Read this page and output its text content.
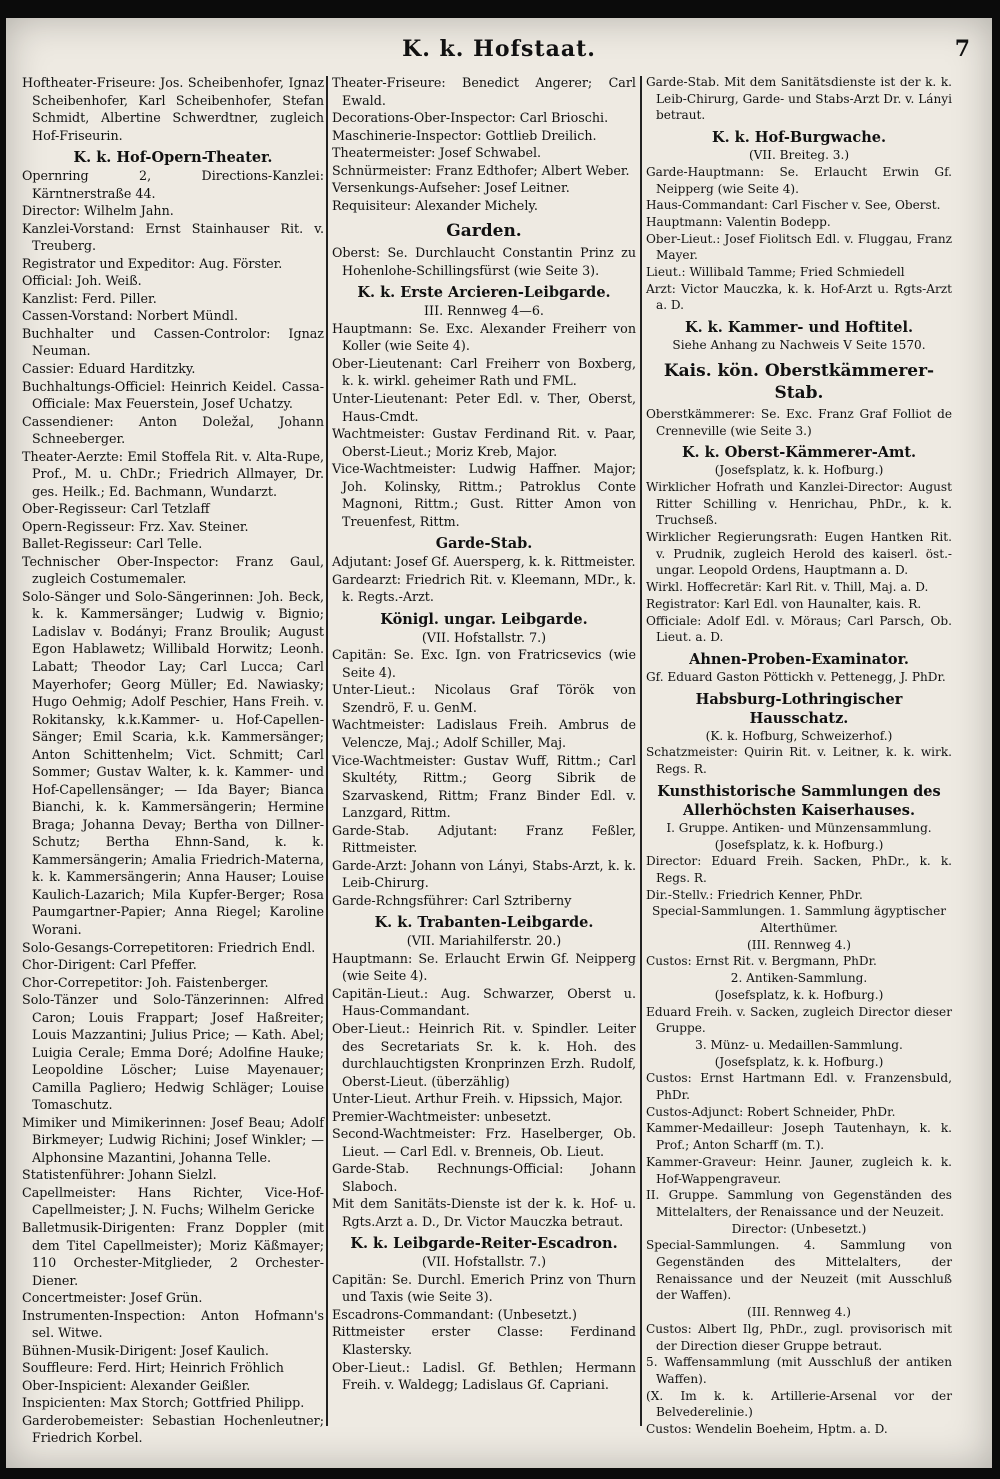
K. k. Hofstaat.	7
Hoftheater-Friseure: Jos. Scheibenhofer, Ignaz Scheibenhofer, Karl Scheibenhofer, Stefan Schmidt, Albertine Schwerdtner, zugleich Hof-Friseurin.
K. k. Hof-Opern-Theater.
Opernring 2, Directions-Kanzlei: Kärntnerstraße 44.
Director: Wilhelm Jahn.
Kanzlei-Vorstand: Ernst Stainhauser Rit. v. Treuberg.
Registrator und Expeditor: Aug. Förster.
Official: Joh. Weiß.
Kanzlist: Ferd. Piller.
Cassen-Vorstand: Norbert Mündl.
Buchhalter und Cassen-Controlor: Ignaz Neuman.
Cassier: Eduard Harditzky.
Buchhaltungs-Officiel: Heinrich Keidel. Cassa-Officiale: Max Feuerstein, Josef Uchatzy.
Cassendiener: Anton Doležal, Johann Schneeberger.
Theater-Aerzte: Emil Stoffela Rit. v. Alta-Rupe, Prof., M. u. ChDr.; Friedrich Allmayer, Dr. ges. Heilk.; Ed. Bachmann, Wundarzt.
Ober-Regisseur: Carl Tetzlaff
Opern-Regisseur: Frz. Xav. Steiner.
Ballet-Regisseur: Carl Telle.
Technischer Ober-Inspector: Franz Gaul, zugleich Costumemaler.
Solo-Sänger und Solo-Sängerinnen: Joh. Beck, k. k. Kammersänger; Ludwig v. Bignio; Ladislav v. Bodányi; Franz Broulik; August Egon Hablawetz; Willibald Horwitz; Leonh. Labatt; Theodor Lay; Carl Lucca; Carl Mayerhofer; Georg Müller; Ed. Nawiasky; Hugo Oehmig; Adolf Peschier, Hans Freih. v. Rokitansky, k.k.Kammer- u. Hof-Capellen-Sänger; Emil Scaria, k.k. Kammersänger; Anton Schittenhelm; Vict. Schmitt; Carl Sommer; Gustav Walter, k. k. Kammer- und Hof-Capellensänger; — Ida Bayer; Bianca Bianchi, k. k. Kammersängerin; Hermine Braga; Johanna Devay; Bertha von Dillner-Schutz; Bertha Ehnn-Sand, k. k. Kammersängerin; Amalia Friedrich-Materna, k. k. Kammersängerin; Anna Hauser; Louise Kaulich-Lazarich; Mila Kupfer-Berger; Rosa Paumgartner-Papier; Anna Riegel; Karoline Worani.
Solo-Gesangs-Correpetitoren: Friedrich Endl.
Chor-Dirigent: Carl Pfeffer.
Chor-Correpetitor: Joh. Faistenberger.
Solo-Tänzer und Solo-Tänzerinnen: Alfred Caron; Louis Frappart; Josef Haßreiter; Louis Mazzantini; Julius Price; — Kath. Abel; Luigia Cerale; Emma Doré; Adolfine Hauke; Leopoldine Löscher; Luise Mayenauer; Camilla Pagliero; Hedwig Schläger; Louise Tomaschutz.
Mimiker und Mimikerinnen: Josef Beau; Adolf Birkmeyer; Ludwig Richini; Josef Winkler; — Alphonsine Mazantini, Johanna Telle.
Statistenführer: Johann Sielzl.
Capellmeister: Hans Richter, Vice-Hof-Capellmeister; J. N. Fuchs; Wilhelm Gericke
Balletmusik-Dirigenten: Franz Doppler (mit dem Titel Capellmeister); Moriz Käßmayer; 110 Orchester-Mitglieder, 2 Orchester-Diener.
Concertmeister: Josef Grün.
Instrumenten-Inspection: Anton Hofmann's sel. Witwe.
Bühnen-Musik-Dirigent: Josef Kaulich.
Souffleure: Ferd. Hirt; Heinrich Fröhlich
Ober-Inspicient: Alexander Geißler.
Inspicienten: Max Storch; Gottfried Philipp.
Garderobemeister: Sebastian Hochenleutner; Friedrich Korbel.
Theater-Friseure: Benedict Angerer; Carl Ewald.
Decorations-Ober-Inspector: Carl Brioschi.
Maschinerie-Inspector: Gottlieb Dreilich.
Theatermeister: Josef Schwabel.
Schnürmeister: Franz Edthofer; Albert Weber.
Versenkungs-Aufseher: Josef Leitner.
Requisiteur: Alexander Michely.
Garden.
Oberst: Se. Durchlaucht Constantin Prinz zu Hohenlohe-Schillingsfürst (wie Seite 3).
K. k. Erste Arcieren-Leibgarde.
III. Rennweg 4—6.
Hauptmann: Se. Exc. Alexander Freiherr von Koller (wie Seite 4).
Ober-Lieutenant: Carl Freiherr von Boxberg, k. k. wirkl. geheimer Rath und FML.
Unter-Lieutenant: Peter Edl. v. Ther, Oberst, Haus-Cmdt.
Wachtmeister: Gustav Ferdinand Rit. v. Paar, Oberst-Lieut.; Moriz Kreb, Major.
Vice-Wachtmeister: Ludwig Haffner. Major; Joh. Kolinsky, Rittm.; Patroklus Conte Magnoni, Rittm.; Gust. Ritter Amon von Treuenfest, Rittm.
Garde-Stab.
Adjutant: Josef Gf. Auersperg, k. k. Rittmeister.
Gardearzt: Friedrich Rit. v. Kleemann, MDr., k. k. Regts.-Arzt.
Königl. ungar. Leibgarde.
(VII. Hofstallstr. 7.)
Capitän: Se. Exc. Ign. von Fratricsevics (wie Seite 4).
Unter-Lieut.: Nicolaus Graf Török von Szendrö, F. u. GenM.
Wachtmeister: Ladislaus Freih. Ambrus de Velencze, Maj.; Adolf Schiller, Maj.
Vice-Wachtmeister: Gustav Wuff, Rittm.; Carl Skultéty, Rittm.; Georg Sibrik de Szarvaskend, Rittm; Franz Binder Edl. v. Lanzgard, Rittm.
Garde-Stab. Adjutant: Franz Feßler, Rittmeister.
Garde-Arzt: Johann von Lányi, Stabs-Arzt, k. k. Leib-Chirurg.
Garde-Rchngsführer: Carl Sztriberny
K. k. Trabanten-Leibgarde.
(VII. Mariahilferstr. 20.)
Hauptmann: Se. Erlaucht Erwin Gf. Neipperg (wie Seite 4).
Capitän-Lieut.: Aug. Schwarzer, Oberst u. Haus-Commandant.
Ober-Lieut.: Heinrich Rit. v. Spindler. Leiter des Secretariats Sr. k. k. Hoh. des durchlauchtigsten Kronprinzen Erzh. Rudolf, Oberst-Lieut. (überzählig)
Unter-Lieut. Arthur Freih. v. Hipssich, Major.
Premier-Wachtmeister: unbesetzt.
Second-Wachtmeister: Frz. Haselberger, Ob. Lieut. — Carl Edl. v. Brenneis, Ob. Lieut.
Garde-Stab. Rechnungs-Official: Johann Slaboch.
Mit dem Sanitäts-Dienste ist der k. k. Hof- u. Rgts.Arzt a. D., Dr. Victor Mauczka betraut.
K. k. Leibgarde-Reiter-Escadron.
(VII. Hofstallstr. 7.)
Capitän: Se. Durchl. Emerich Prinz von Thurn und Taxis (wie Seite 3).
Escadrons-Commandant: (Unbesetzt.)
Rittmeister erster Classe: Ferdinand Klastersky.
Ober-Lieut.: Ladisl. Gf. Bethlen; Hermann Freih. v. Waldegg; Ladislaus Gf. Capriani.
Garde-Stab. Mit dem Sanitätsdienste ist der k. k. Leib-Chirurg, Garde- und Stabs-Arzt Dr. v. Lányi betraut.
K. k. Hof-Burgwache.
(VII. Breiteg. 3.)
Garde-Hauptmann: Se. Erlaucht Erwin Gf. Neipperg (wie Seite 4).
Haus-Commandant: Carl Fischer v. See, Oberst.
Hauptmann: Valentin Bodepp.
Ober-Lieut.: Josef Fiolitsch Edl. v. Fluggau, Franz Mayer.
Lieut.: Willibald Tamme; Fried Schmiedell
Arzt: Victor Mauczka, k. k. Hof-Arzt u. Rgts-Arzt a. D.
K. k. Kammer- und Hoftitel.
Siehe Anhang zu Nachweis V Seite 1570.
Kais. kön. Oberstkämmerer-Stab.
Oberstkämmerer: Se. Exc. Franz Graf Folliot de Crenneville (wie Seite 3.)
K. k. Oberst-Kämmerer-Amt.
(Josefsplatz, k. k. Hofburg.)
Wirklicher Hofrath und Kanzlei-Director: August Ritter Schilling v. Henrichau, PhDr., k. k. Truchseß.
Wirklicher Regierungsrath: Eugen Hantken Rit. v. Prudnik, zugleich Herold des kaiserl. öst.-ungar. Leopold Ordens, Hauptmann a. D.
Wirkl. Hoffecretär: Karl Rit. v. Thill, Maj. a. D.
Registrator: Karl Edl. von Haunalter, kais. R.
Officiale: Adolf Edl. v. Möraus; Carl Parsch, Ob. Lieut. a. D.
Ahnen-Proben-Examinator.
Gf. Eduard Gaston Pöttickh v. Pettenegg, J. PhDr.
Habsburg-Lothringischer Hausschatz.
(K. k. Hofburg, Schweizerhof.)
Schatzmeister: Quirin Rit. v. Leitner, k. k. wirk. Regs. R.
Kunsthistorische Sammlungen des Allerhöchsten Kaiserhauses.
I. Gruppe. Antiken- und Münzensammlung.
(Josefsplatz, k. k. Hofburg.)
Director: Eduard Freih. Sacken, PhDr., k. k. Regs. R.
Dir.-Stellv.: Friedrich Kenner, PhDr.
Special-Sammlungen. 1. Sammlung ägyptischer Alterthümer.
(III. Rennweg 4.)
Custos: Ernst Rit. v. Bergmann, PhDr.
2. Antiken-Sammlung.
(Josefsplatz, k. k. Hofburg.)
Eduard Freih. v. Sacken, zugleich Director dieser Gruppe.
3. Münz- u. Medaillen-Sammlung.
(Josefsplatz, k. k. Hofburg.)
Custos: Ernst Hartmann Edl. v. Franzensbuld, PhDr.
Custos-Adjunct: Robert Schneider, PhDr.
Kammer-Medailleur: Joseph Tautenhayn, k. k. Prof.; Anton Scharff (m. T.).
Kammer-Graveur: Heinr. Jauner, zugleich k. k. Hof-Wappengraveur.
II. Gruppe. Sammlung von Gegenständen des Mittelalters, der Renaissance und der Neuzeit.
Director: (Unbesetzt.)
Special-Sammlungen. 4. Sammlung von Gegenständen des Mittelalters, der Renaissance und der Neuzeit (mit Ausschluß der Waffen).
(III. Rennweg 4.)
Custos: Albert Ilg, PhDr., zugl. provisorisch mit der Direction dieser Gruppe betraut.
5. Waffensammlung (mit Ausschluß der antiken Waffen).
(X. Im k. k. Artillerie-Arsenal vor der Belvederelinie.)
Custos: Wendelin Boeheim, Hptm. a. D.
